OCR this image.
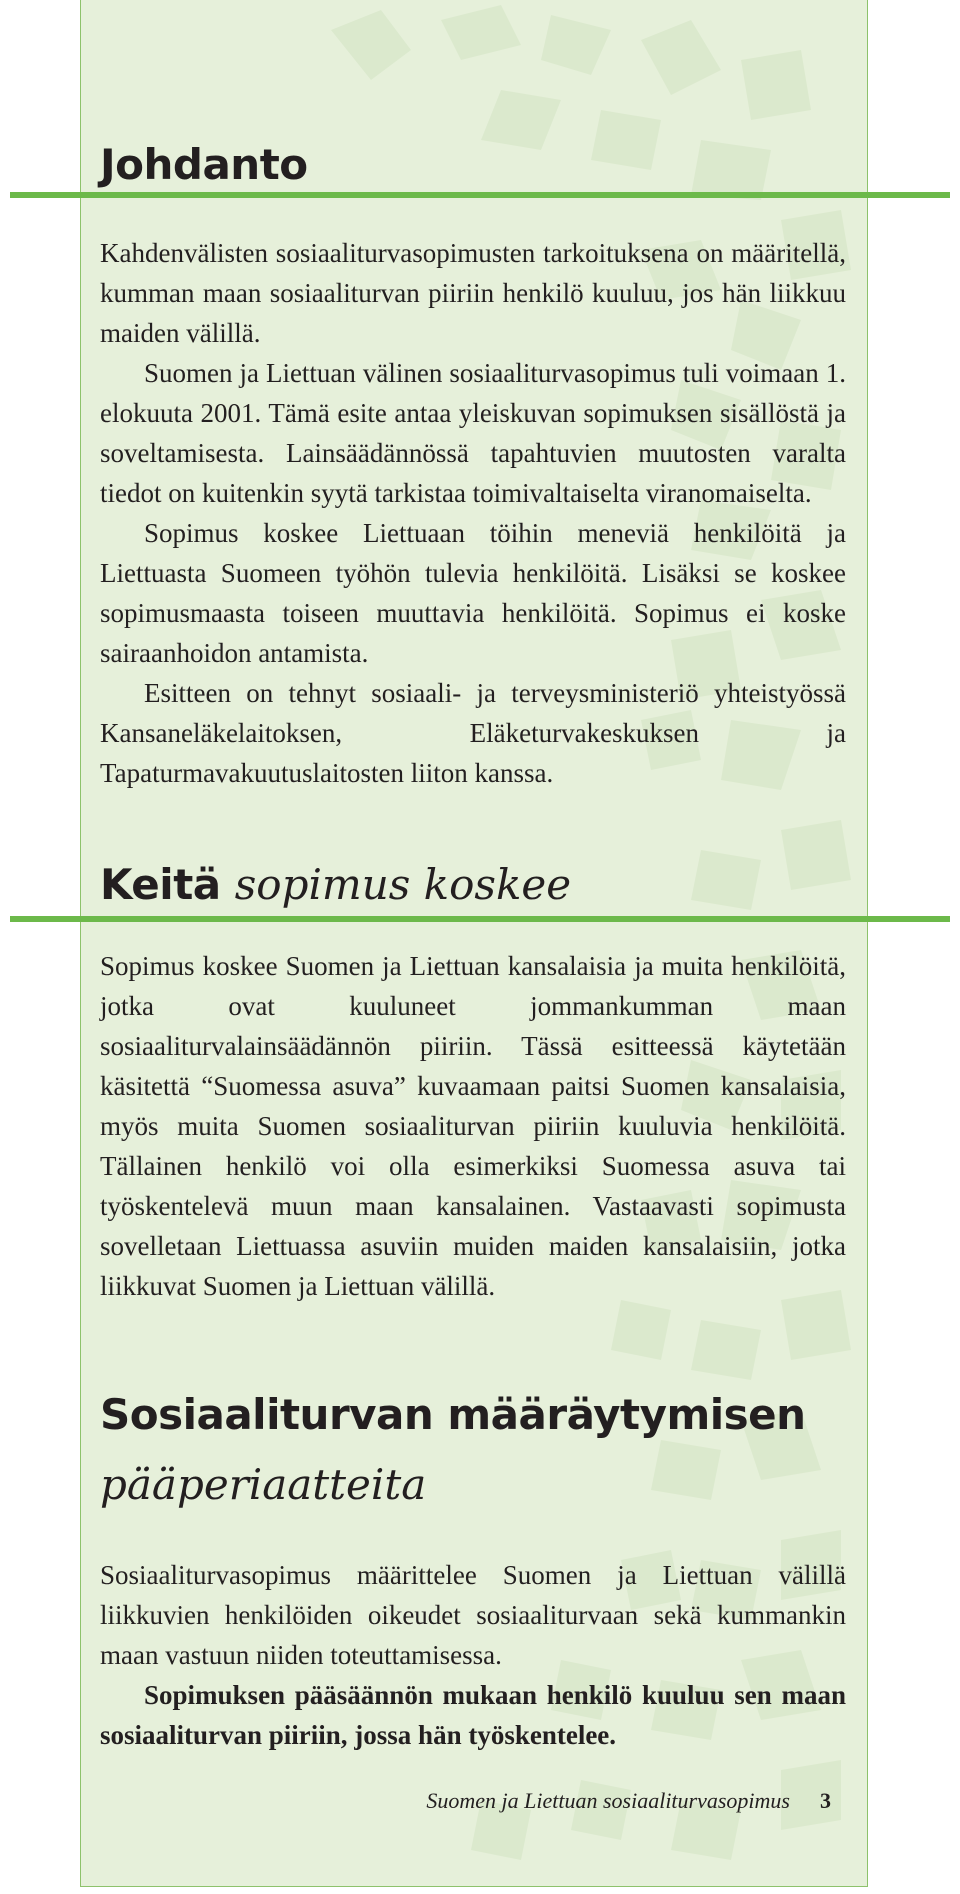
Johdanto

Kahdenvälisten sosiaaliturvasopimusten tarkoituksena on määritellä, kumman maan sosiaaliturvan piiriin henkilö kuuluu, jos hän liikkuu maiden välillä.

Suomen ja Liettuan välinen sosiaaliturvasopimus tuli voimaan 1. elokuuta 2001. Tämä esite antaa yleiskuvan sopimuksen sisällöstä ja soveltamisesta. Lainsäädännössä tapahtuvien muutosten varalta tiedot on kuitenkin syytä tarkistaa toimivaltaiselta viranomaiselta.

Sopimus koskee Liettuaan töihin meneviä henkilöitä ja Liettuasta Suomeen työhön tulevia henkilöitä. Lisäksi se koskee sopimusmaasta toiseen muuttavia henkilöitä. Sopimus ei koske sairaanhoidon antamista.

Esitteen on tehnyt sosiaali- ja terveysministeriö yhteistyössä Kansaneläkelaitoksen, Eläketurvakeskuksen ja Tapaturmavakuutuslaitosten liiton kanssa.

Keitä sopimus koskee

Sopimus koskee Suomen ja Liettuan kansalaisia ja muita henkilöitä, jotka ovat kuuluneet jommankumman maan sosiaaliturvalainsäädännön piiriin. Tässä esitteessä käytetään käsitettä “Suomessa asuva” kuvaamaan paitsi Suomen kansalaisia, myös muita Suomen sosiaaliturvan piiriin kuuluvia henkilöitä. Tällainen henkilö voi olla esimerkiksi Suomessa asuva tai työskentelevä muun maan kansalainen. Vastaavasti sopimusta sovelletaan Liettuassa asuviin muiden maiden kansalaisiin, jotka liikkuvat Suomen ja Liettuan välillä.

Sosiaaliturvan määräytymisen
pääperiaatteita

Sosiaaliturvasopimus määrittelee Suomen ja Liettuan välillä liikkuvien henkilöiden oikeudet sosiaaliturvaan sekä kummankin maan vastuun niiden toteuttamisessa.

Sopimuksen pääsäännön mukaan henkilö kuuluu sen maan sosiaaliturvan piiriin, jossa hän työskentelee.

Suomen ja Liettuan sosiaaliturvasopimus 3
